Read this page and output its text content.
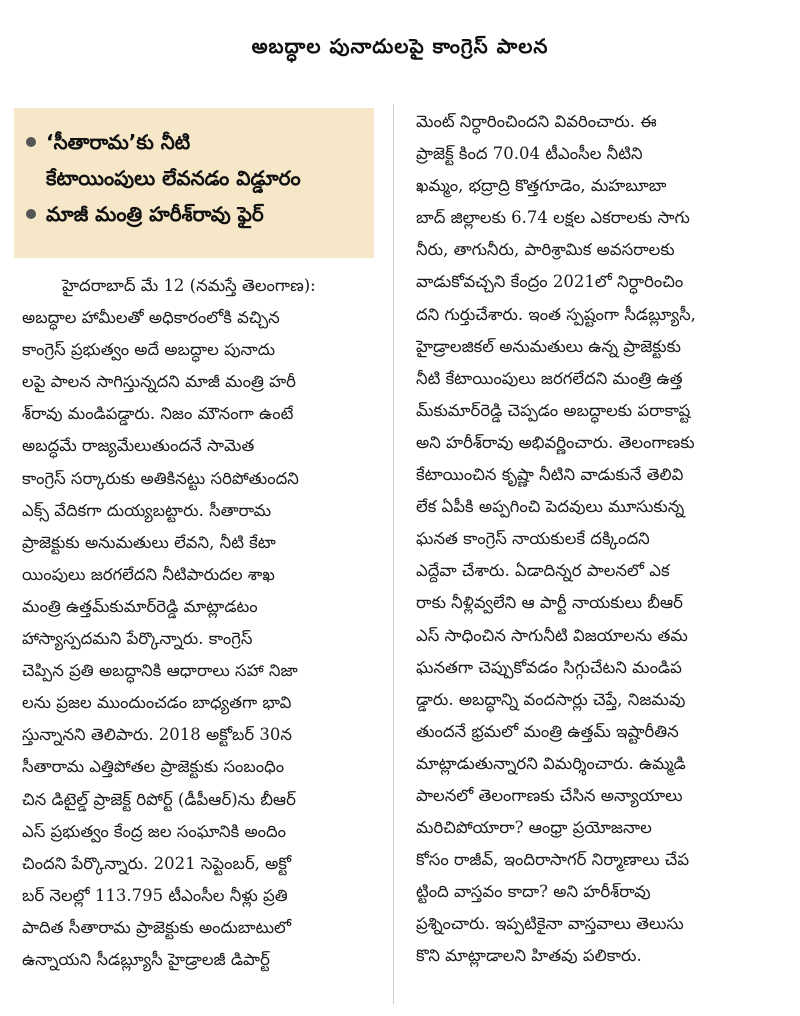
అబద్ధాల పునాదులపై కాంగ్రెస్ పాలన
‘సీతారామ’కు నీటి
కేటాయింపులు లేవనడం విడ్డూరం
మాజీ మంత్రి హరీశ్‌రావు ఫైర్
హైదరాబాద్ మే 12 (నమస్తే తెలంగాణ):
అబద్ధాల హామీలతో అధికారంలోకి వచ్చిన
కాంగ్రెస్ ప్రభుత్వం అదే అబద్ధాల పునాదు
లపై పాలన సాగిస్తున్నదని మాజీ మంత్రి హరీ
శ్‌రావు మండిపడ్డారు. నిజం మౌనంగా ఉంటే
అబద్ధమే రాజ్యమేలుతుందనే సామెత
కాంగ్రెస్ సర్కారుకు అతికినట్టు సరిపోతుందని
ఎక్స్ వేదికగా దుయ్యబట్టారు. సీతారామ
ప్రాజెక్టుకు అనుమతులు లేవని, నీటి కేటా
యింపులు జరగలేదని నీటిపారుదల శాఖ
మంత్రి ఉత్తమ్‌కుమార్‌రెడ్డి మాట్లాడటం
హాస్యాస్పదమని పేర్కొన్నారు. కాంగ్రెస్
చెప్పిన ప్రతి అబద్ధానికి ఆధారాలు సహా నిజా
లను ప్రజల ముందుంచడం బాధ్యతగా భావి
స్తున్నానని తెలిపారు. 2018 అక్టోబర్ 30న
సీతారామ ఎత్తిపోతల ప్రాజెక్టుకు సంబంధిం
చిన డిటైల్డ్ ప్రాజెక్ట్ రిపోర్ట్ (డీపీఆర్)ను బీఆర్
ఎస్ ప్రభుత్వం కేంద్ర జల సంఘానికి అందిం
చిందని పేర్కొన్నారు. 2021 సెప్టెంబర్, అక్టో
బర్ నెలల్లో 113.795 టీఎంసీల నీళ్లు ప్రతి
పాదిత సీతారామ ప్రాజెక్టుకు అందుబాటులో
ఉన్నాయని సీడబ్ల్యూసీ హైడ్రాలజీ డిపార్ట్
మెంట్ నిర్ధారించిందని వివరించారు. ఈ
ప్రాజెక్ట్ కింద 70.04 టీఎంసీల నీటిని
ఖమ్మం, భద్రాద్రి కొత్తగూడెం, మహబూబా
బాద్ జిల్లాలకు 6.74 లక్షల ఎకరాలకు సాగు
నీరు, తాగునీరు, పారిశ్రామిక అవసరాలకు
వాడుకోవచ్చని కేంద్రం 2021లో నిర్ధారించిం
దని గుర్తుచేశారు. ఇంత స్పష్టంగా సీడబ్ల్యూసీ,
హైడ్రాలజికల్ అనుమతులు ఉన్న ప్రాజెక్టుకు
నీటి కేటాయింపులు జరగలేదని మంత్రి ఉత్త
మ్‌కుమార్‌రెడ్డి చెప్పడం అబద్ధాలకు పరాకాష్ట
అని హరీశ్‌రావు అభివర్ణించారు. తెలంగాణకు
కేటాయించిన కృష్ణా నీటిని వాడుకునే తెలివి
లేక ఏపీకి అప్పగించి పెదవులు మూసుకున్న
ఘనత కాంగ్రెస్ నాయకులకే దక్కిందని
ఎద్దేవా చేశారు. ఏడాదిన్నర పాలనలో ఎక
రాకు నీళ్లివ్వలేని ఆ పార్టీ నాయకులు బీఆర్
ఎస్ సాధించిన సాగునీటి విజయాలను తమ
ఘనతగా చెప్పుకోవడం సిగ్గుచేటని మండిప
డ్డారు. అబద్ధాన్ని వందసార్లు చెప్తే, నిజమవు
తుందనే భ్రమలో మంత్రి ఉత్తమ్ ఇష్టారీతిన
మాట్లాడుతున్నారని విమర్శించారు. ఉమ్మడి
పాలనలో తెలంగాణకు చేసిన అన్యాయాలు
మరిచిపోయారా? ఆంధ్రా ప్రయోజనాల
కోసం రాజీవ్, ఇందిరాసాగర్ నిర్మాణాలు చేప
ట్టింది వాస్తవం కాదా? అని హరీశ్‌రావు
ప్రశ్నించారు. ఇప్పటికైనా వాస్తవాలు తెలుసు
కొని మాట్లాడాలని హితవు పలికారు.
